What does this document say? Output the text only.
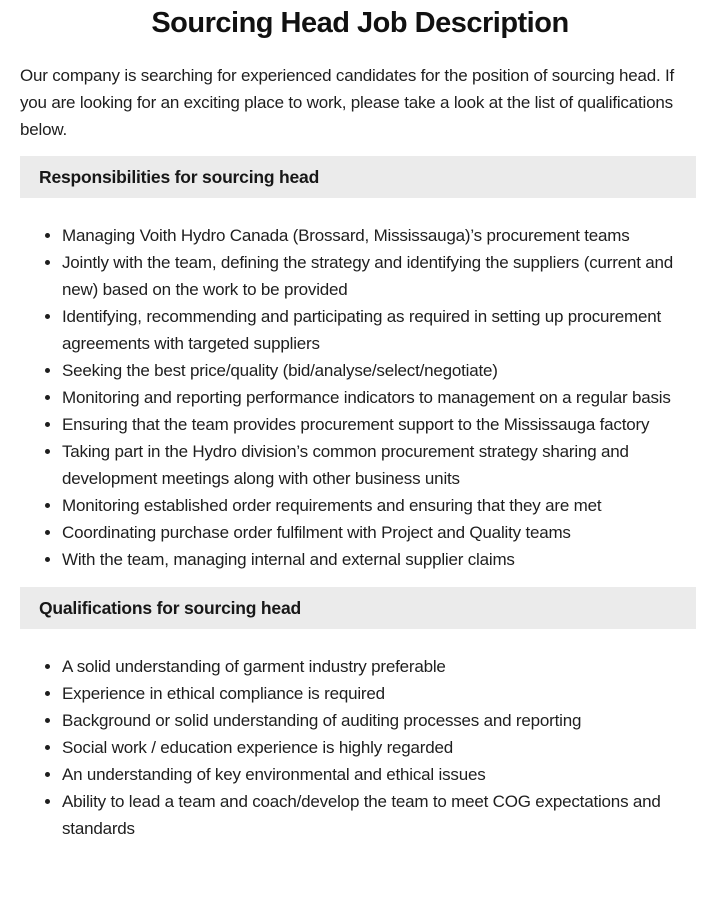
Sourcing Head Job Description

Our company is searching for experienced candidates for the position of sourcing head. If you are looking for an exciting place to work, please take a look at the list of qualifications below.

Responsibilities for sourcing head
• Managing Voith Hydro Canada (Brossard, Mississauga)’s procurement teams
• Jointly with the team, defining the strategy and identifying the suppliers (current and new) based on the work to be provided
• Identifying, recommending and participating as required in setting up procurement agreements with targeted suppliers
• Seeking the best price/quality (bid/analyse/select/negotiate)
• Monitoring and reporting performance indicators to management on a regular basis
• Ensuring that the team provides procurement support to the Mississauga factory
• Taking part in the Hydro division’s common procurement strategy sharing and development meetings along with other business units
• Monitoring established order requirements and ensuring that they are met
• Coordinating purchase order fulfilment with Project and Quality teams
• With the team, managing internal and external supplier claims
Qualifications for sourcing head
• A solid understanding of garment industry preferable
• Experience in ethical compliance is required
• Background or solid understanding of auditing processes and reporting
• Social work / education experience is highly regarded
• An understanding of key environmental and ethical issues
• Ability to lead a team and coach/develop the team to meet COG expectations and standards
